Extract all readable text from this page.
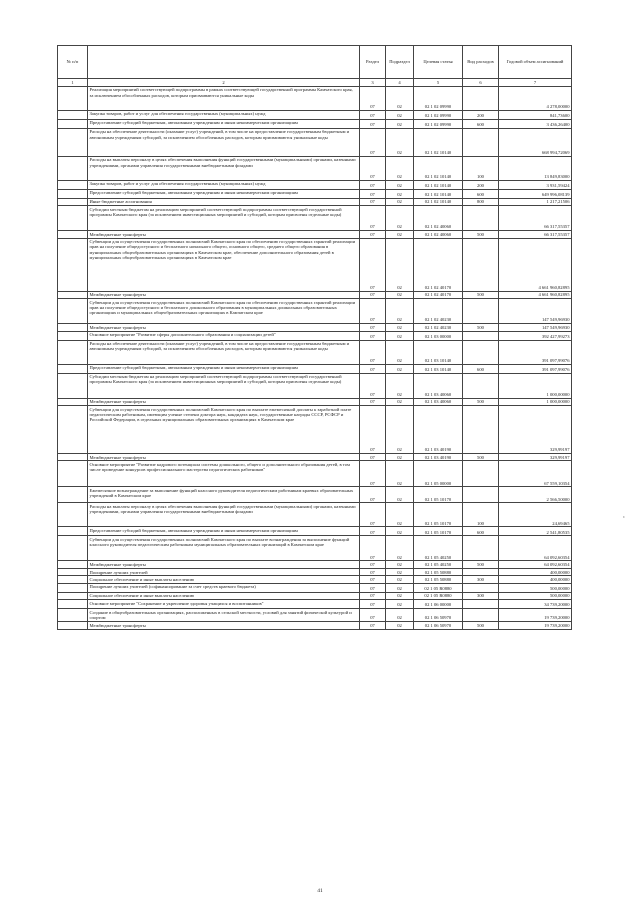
№ п/п		Раздел	Подраздел	Целевая статья	Вид расходов	Годовой объем ассигнований
1	2	3	4	5	6	7
	Реализация мероприятий соответствующей подпрограммы в рамках соответствующей государственной программы Камчатского края, за исключением обособленных расходов, которым присваиваются уникальные коды	07	02	02 1 02 09990		4 278,00000
	Закупка товаров, работ и услуг для обеспечения государственных (муниципальных) нужд	07	02	02 1 02 09990	200	841,73600
	Предоставление субсидий бюджетным, автономным учреждениям и иным некоммерческим организациям	07	02	02 1 02 09990	600	3 436,26400
	Расходы на обеспечение деятельности (оказание услуг) учреждений, в том числе на предоставление государственным бюджетным и автономным учреждениям субсидий, за исключением обособленных расходов, которым присваиваются уникальные коды	07	02	02 1 02 10140		668 994,72069
	Расходы на выплаты персоналу в целях обеспечения выполнения функций государственными (муниципальными) органами, казенными учреждениями, органами управления государственными внебюджетными фондами	07	02	02 1 02 10140	100	13 849,83000
	Закупка товаров, работ и услуг для обеспечения государственных (муниципальных) нужд	07	02	02 1 02 10140	200	3 931,59424
	Предоставление субсидий бюджетным, автономным учреждениям и иным некоммерческим организациям	07	02	02 1 02 10140	600	649 996,08139
	Иные бюджетные ассигнования	07	02	02 1 02 10140	800	1 217,21506
	Субсидии местным бюджетам на реализацию мероприятий соответствующей подпрограммы соответствующей государственной программы Камчатского края (за исключением инвестиционных мероприятий и субсидий, которым присвоены отдельные коды)	07	02	02 1 02 40060		66 317,55357
	Межбюджетные трансферты	07	02	02 1 02 40060	500	66 317,55357
	Субвенции для осуществления государственных полномочий Камчатского края по обеспечению государственных гарантий реализации прав на получение общедоступного и бесплатного начального общего, основного общего, среднего общего образования в муниципальных общеобразовательных организациях в Камчатском крае, обеспечение дополнительного образования детей в муниципальных общеобразовательных организациях в Камчатском крае	07	02	02 1 02 40170		4 661 960,82895
	Межбюджетные трансферты	07	02	02 1 02 40170	500	4 661 960,82895
	Субвенции для осуществления государственных полномочий Камчатского края по обеспечению государственных гарантий реализации прав на получение общедоступного и бесплатного дошкольного образования в муниципальных дошкольных образовательных организациях и муниципальных общеобразовательных организациях в Камчатском крае	07	02	02 1 02 40230		147 549,96930
	Межбюджетные трансферты	07	02	02 1 02 40230	500	147 549,96930
	Основное мероприятие "Развитие сферы дополнительного образования и социализации детей"	07	02	02 1 03 00000		392 427,99273
	Расходы на обеспечение деятельности (оказание услуг) учреждений, в том числе на предоставление государственным бюджетным и автономным учреждениям субсидий, за исключением обособленных расходов, которым присваиваются уникальные коды	07	02	02 1 03 10140		391 097,99076
	Предоставление субсидий бюджетным, автономным учреждениям и иным некоммерческим организациям	07	02	02 1 03 10140	600	391 097,99076
	Субсидии местным бюджетам на реализацию мероприятий соответствующей подпрограммы соответствующей государственной программы Камчатского края (за исключением инвестиционных мероприятий и субсидий, которым присвоены отдельные коды)	07	02	02 1 03 40060		1 000,00000
	Межбюджетные трансферты	07	02	02 1 03 40060	500	1 000,00000
	Субвенции для осуществления государственных полномочий Камчатского края по выплате ежемесячной доплаты к заработной плате педагогическим работникам, имеющим ученые степени доктора наук, кандидата наук, государственные награды СССР, РСФСР и Российской Федерации, в отдельных муниципальных образовательных организациях в Камчатском крае	07	02	02 1 03 40190		329,99197
	Межбюджетные трансферты	07	02	02 1 03 40190	500	329,99197
	Основное мероприятие "Развитие кадрового потенциала системы дошкольного, общего и дополнительного образования детей, в том числе проведение конкурсов профессионального мастерства педагогических работников"	07	02	02 1 05 00000		67 559,10354
	Ежемесячное вознаграждение за выполнение функций классного руководителя педагогическим работникам краевых образовательных учреждений в Камчатском крае	07	02	02 1 05 10170		2 566,50000
	Расходы на выплаты персоналу в целях обеспечения выполнения функций государственными (муниципальными) органами, казенными учреждениями, органами управления государственными внебюджетными фондами	07	02	02 1 05 10170	100	24,69465
	Предоставление субсидий бюджетным, автономным учреждениям и иным некоммерческим организациям	07	02	02 1 05 10170	600	2 541,80535
	Субвенции для осуществления государственных полномочий Камчатского края по выплате вознаграждения за выполнение функций классного руководителя педагогическим работникам муниципальных образовательных организаций в Камчатском крае	07	02	02 1 05 40250		64 092,60354
	Межбюджетные трансферты	07	02	02 1 05 40250	500	64 092,60354
	Поощрение лучших учителей	07	02	02 1 05 50880		400,00000
	Социальное обеспечение и иные выплаты населению	07	02	02 1 05 50880	300	400,00000
	Поощрение лучших учителей (софинансирование за счет средств краевого бюджета)	07	02	02 1 05 R0880		500,00000
	Социальное обеспечение и иные выплаты населению	07	02	02 1 05 R0880	300	500,00000
	Основное мероприятие "Сохранение и укрепление здоровья учащихся и воспитанников"	07	02	02 1 06 00000		34 739,20000
	Создание в общеобразовательных организациях, расположенных в сельской местности, условий для занятий физической культурой и спортом	07	02	02 1 06 50970		19 739,20000
	Межбюджетные трансферты	07	02	02 1 06 50970	500	19 739,20000
41
с
